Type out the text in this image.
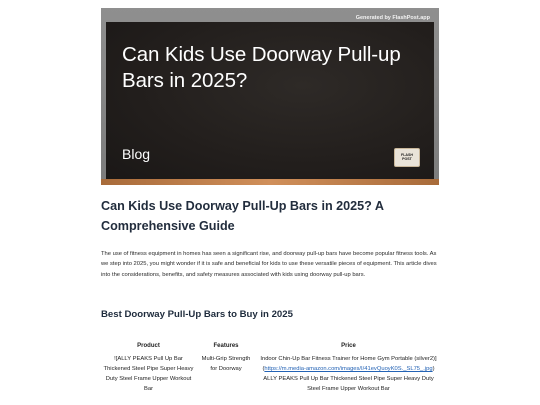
Can Kids Use Doorway Pull-up Bars in 2025?
Blog	FLASH
POST
Generated by FlashPost.app
Can Kids Use Doorway Pull-Up Bars in 2025? A Comprehensive Guide

The use of fitness equipment in homes has seen a significant rise, and doorway pull-up bars have become popular fitness tools. As we step into 2025, you might wonder if it is safe and beneficial for kids to use these versatile pieces of equipment. This article dives into the considerations, benefits, and safety measures associated with kids using doorway pull-up bars.

Best Doorway Pull-Up Bars to Buy in 2025
Product	Features	Price
![ALLY PEAKS Pull Up Bar Thickened Steel Pipe Super Heavy Duty Steel Frame Upper Workout Bar	Multi-Grip Strength for Doorway	Indoor Chin-Up Bar Fitness Trainer for Home Gym Portable (silver2)](https://m.media-amazon.com/images/I/41evQuoyK0S._SL75_.jpg)
ALLY PEAKS Pull Up Bar Thickened Steel Pipe Super Heavy Duty Steel Frame Upper Workout Bar
